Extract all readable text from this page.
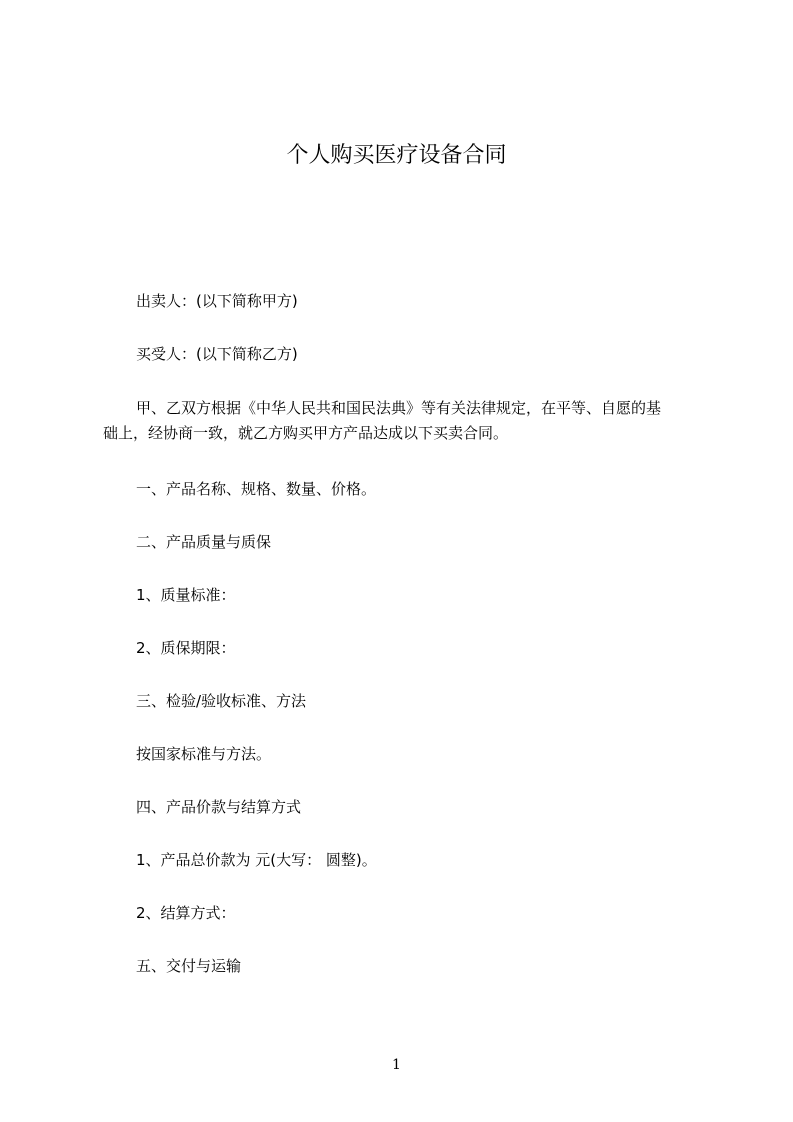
个人购买医疗设备合同
出卖人：(以下简称甲方)
买受人：(以下简称乙方)
甲、乙双方根据《中华人民共和国民法典》等有关法律规定，在平等、自愿的基
础上，经协商一致，就乙方购买甲方产品达成以下买卖合同。
一、产品名称、规格、数量、价格。
二、产品质量与质保
1、质量标准：
2、质保期限：
三、检验/验收标准、方法
按国家标准与方法。
四、产品价款与结算方式
1、产品总价款为 元(大写： 圆整)。
2、结算方式：
五、交付与运输
1
